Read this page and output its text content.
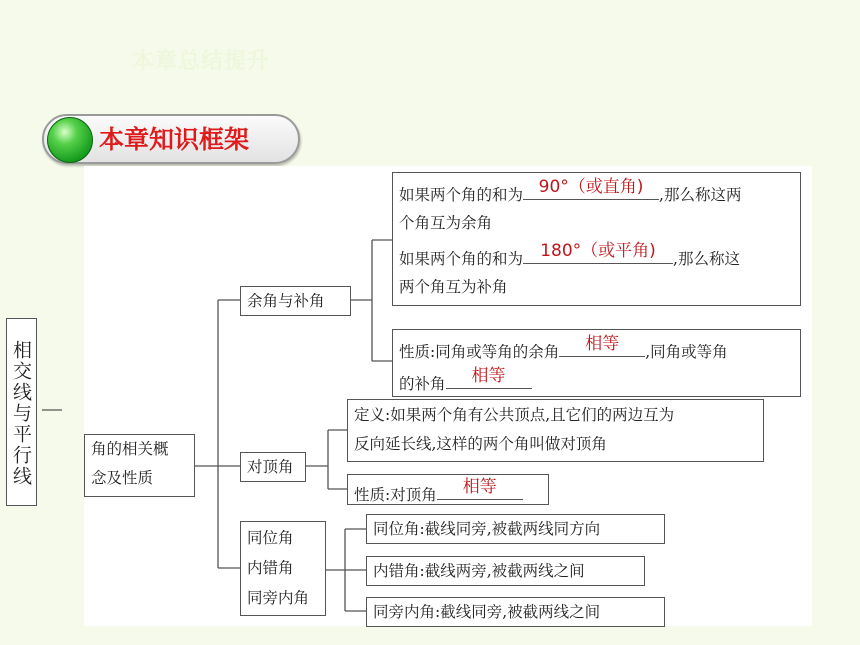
本章总结提升
本章知识框架
相交线与平行线	角的相关概
念及性质
余角与补角
如果两个角的和为 90°（或直角)	,那么称这两
个角互为余角
如果两个角的和为	180°（或平角)	,那么称这
两个角互为补角
性质:同角或等角的余角	相等	,同角或等角
的补角	相等
对顶角
定义:如果两个角有公共顶点,且它们的两边互为
反向延长线,这样的两个角叫做对顶角
性质:对顶角	相等
同位角
内错角
同旁内角
同位角:截线同旁,被截两线同方向
内错角:截线两旁,被截两线之间
同旁内角:截线同旁,被截两线之间
